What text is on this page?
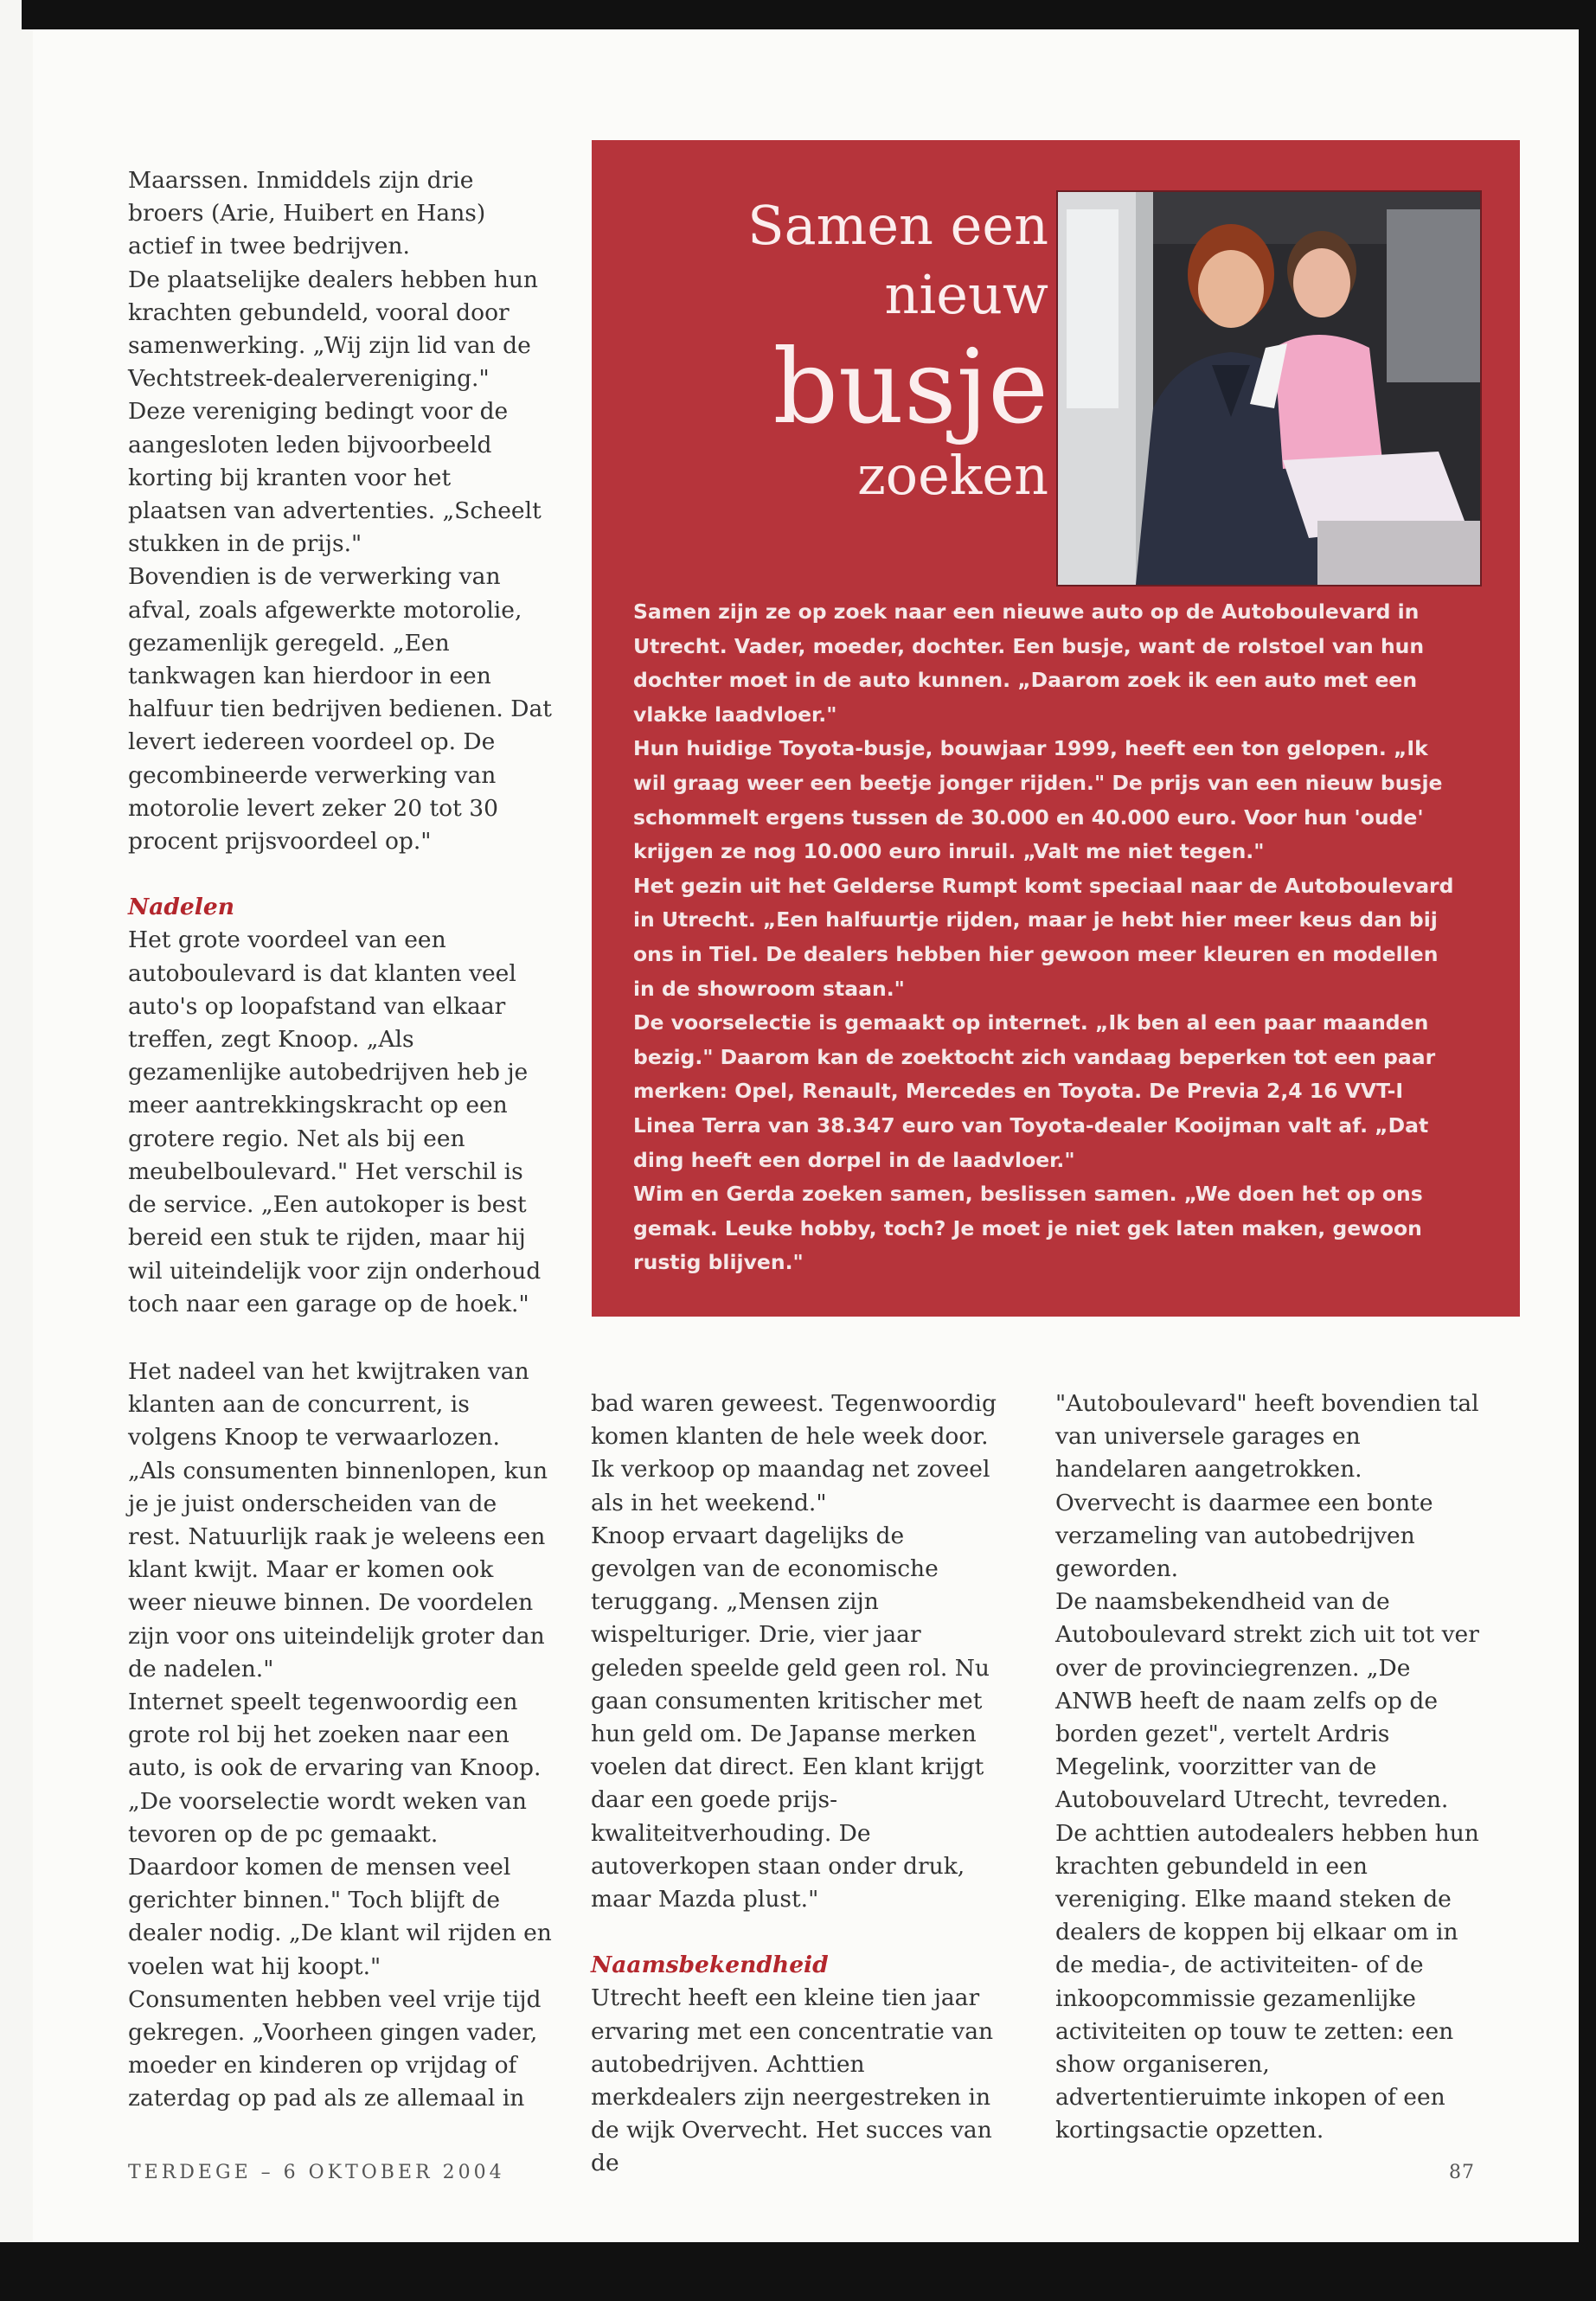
Maarssen. Inmiddels zijn drie broers (Arie, Huibert en Hans) actief in twee bedrijven.

De plaatselijke dealers hebben hun krachten gebundeld, vooral door samenwerking. „Wij zijn lid van de Vechtstreek-dealervereniging." Deze vereniging bedingt voor de aangesloten leden bijvoorbeeld korting bij kranten voor het plaatsen van advertenties. „Scheelt stukken in de prijs."

Bovendien is de verwerking van afval, zoals afgewerkte motorolie, gezamenlijk geregeld. „Een tankwagen kan hierdoor in een halfuur tien bedrijven bedienen. Dat levert iedereen voordeel op. De gecombineerde verwerking van motorolie levert zeker 20 tot 30 procent prijsvoordeel op."

Nadelen

Het grote voordeel van een autoboulevard is dat klanten veel auto's op loopafstand van elkaar treffen, zegt Knoop. „Als gezamenlijke autobedrijven heb je meer aantrekkingskracht op een grotere regio. Net als bij een meubelboulevard." Het verschil is de service. „Een autokoper is best bereid een stuk te rijden, maar hij wil uiteindelijk voor zijn onderhoud toch naar een garage op de hoek."

Samen een
nieuw
busje
zoeken

Samen zijn ze op zoek naar een nieuwe auto op de Autoboulevard in Utrecht. Vader, moeder, dochter. Een busje, want de rolstoel van hun dochter moet in de auto kunnen. „Daarom zoek ik een auto met een vlakke laadvloer."

Hun huidige Toyota-busje, bouwjaar 1999, heeft een ton gelopen. „Ik wil graag weer een beetje jonger rijden." De prijs van een nieuw busje schommelt ergens tussen de 30.000 en 40.000 euro. Voor hun 'oude' krijgen ze nog 10.000 euro inruil. „Valt me niet tegen."

Het gezin uit het Gelderse Rumpt komt speciaal naar de Autoboulevard in Utrecht. „Een halfuurtje rijden, maar je hebt hier meer keus dan bij ons in Tiel. De dealers hebben hier gewoon meer kleuren en modellen in de showroom staan."

De voorselectie is gemaakt op internet. „Ik ben al een paar maanden bezig." Daarom kan de zoektocht zich vandaag beperken tot een paar merken: Opel, Renault, Mercedes en Toyota. De Previa 2,4 16 VVT-I Linea Terra van 38.347 euro van Toyota-dealer Kooijman valt af. „Dat ding heeft een dorpel in de laadvloer."

Wim en Gerda zoeken samen, beslissen samen. „We doen het op ons gemak. Leuke hobby, toch? Je moet je niet gek laten maken, gewoon rustig blijven."

Het nadeel van het kwijtraken van klanten aan de concurrent, is volgens Knoop te verwaarlozen. „Als consumenten binnenlopen, kun je je juist onderscheiden van de rest. Natuurlijk raak je weleens een klant kwijt. Maar er komen ook weer nieuwe binnen. De voordelen zijn voor ons uiteindelijk groter dan de nadelen."

Internet speelt tegenwoordig een grote rol bij het zoeken naar een auto, is ook de ervaring van Knoop. „De voorselectie wordt weken van tevoren op de pc gemaakt. Daardoor komen de mensen veel gerichter binnen." Toch blijft de dealer nodig. „De klant wil rijden en voelen wat hij koopt."

Consumenten hebben veel vrije tijd gekregen. „Voorheen gingen vader, moeder en kinderen op vrijdag of zaterdag op pad als ze allemaal in

bad waren geweest. Tegenwoordig komen klanten de hele week door. Ik verkoop op maandag net zoveel als in het weekend."

Knoop ervaart dagelijks de gevolgen van de economische teruggang. „Mensen zijn wispelturiger. Drie, vier jaar geleden speelde geld geen rol. Nu gaan consumenten kritischer met hun geld om. De Japanse merken voelen dat direct. Een klant krijgt daar een goede prijs-kwaliteitverhouding. De autoverkopen staan onder druk, maar Mazda plust."

Naamsbekendheid

Utrecht heeft een kleine tien jaar ervaring met een concentratie van autobedrijven. Achttien merkdealers zijn neergestreken in de wijk Overvecht. Het succes van de

"Autoboulevard" heeft bovendien tal van universele garages en handelaren aangetrokken. Overvecht is daarmee een bonte verzameling van autobedrijven geworden.

De naamsbekendheid van de Autoboulevard strekt zich uit tot ver over de provinciegrenzen. „De ANWB heeft de naam zelfs op de borden gezet", vertelt Ardris Megelink, voorzitter van de Autobouvelard Utrecht, tevreden.

De achttien autodealers hebben hun krachten gebundeld in een vereniging. Elke maand steken de dealers de koppen bij elkaar om in de media-, de activiteiten- of de inkoopcommissie gezamenlijke activiteiten op touw te zetten: een show organiseren, advertentieruimte inkopen of een kortingsactie opzetten.

TERDEGE – 6 OKTOBER 2004	87
